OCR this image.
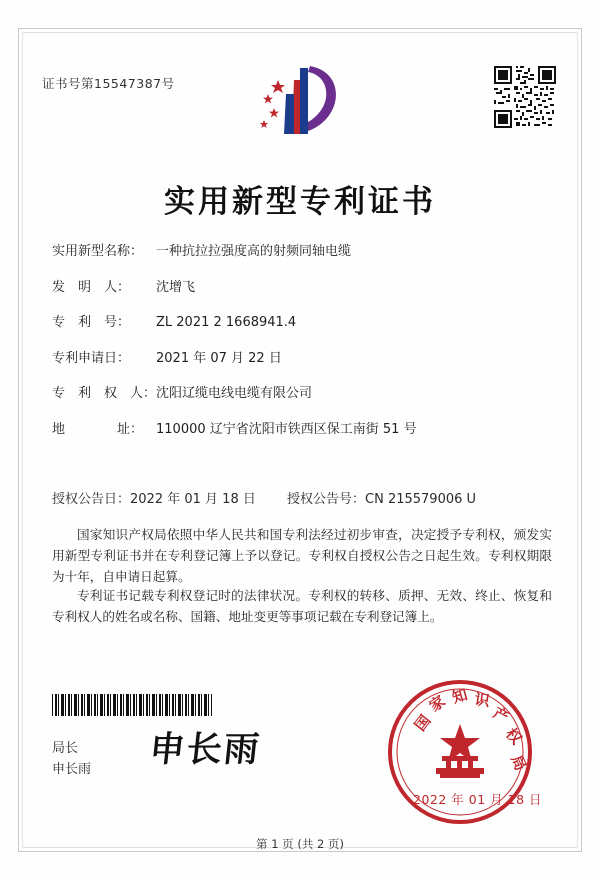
证书号第15547387号
实用新型专利证书
实用新型名称： 一种抗拉拉强度高的射频同轴电缆
发　明　人：	沈增飞
专　利　号：	ZL 2021 2 1668941.4
专利申请日：	2021 年 07 月 22 日
专　利　权　人： 沈阳辽缆电线电缆有限公司
地　　　　址： 110000 辽宁省沈阳市铁西区保工南街 51 号
授权公告日：2022 年 01 月 18 日	授权公告号：CN 215579006 U
国家知识产权局依照中华人民共和国专利法经过初步审查，决定授予专利权，颁发实用新型专利证书并在专利登记簿上予以登记。专利权自授权公告之日起生效。专利权期限为十年，自申请日起算。
专利证书记载专利权登记时的法律状况。专利权的转移、质押、无效、终止、恢复和专利权人的姓名或名称、国籍、地址变更等事项记载在专利登记簿上。
局长
申长雨 申长雨
国
家 知 识
产
权
局
2022 年 01 月 18 日
第 1 页 (共 2 页)
